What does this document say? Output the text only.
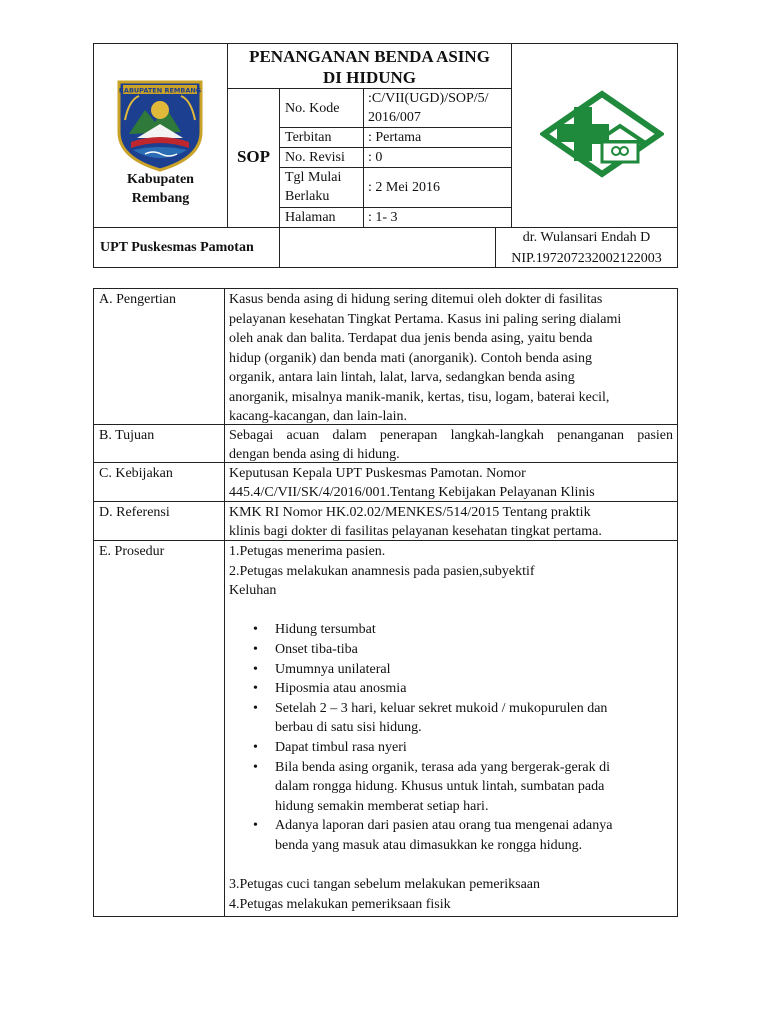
KABUPATEN REMBANG
Kabupaten
Rembang
PENANGANAN BENDA ASING
DI HIDUNG
SOP
No. Kode
:C/VII(UGD)/SOP/5/
2016/007
Terbitan	: Pertama
No. Revisi : 0
Tgl Mulai
Berlaku
: 2 Mei 2016
Halaman : 1- 3
UPT Puskesmas Pamotan
dr. Wulansari Endah D
NIP.197207232002122003
A. Pengertian	Kasus benda asing di hidung sering ditemui oleh dokter di fasilitas

pelayanan kesehatan Tingkat Pertama. Kasus ini paling sering dialami

oleh anak dan balita. Terdapat dua jenis benda asing, yaitu benda

hidup (organik) dan benda mati (anorganik). Contoh benda asing

organik, antara lain lintah, lalat, larva, sedangkan benda asing

anorganik, misalnya manik-manik, kertas, tisu, logam, baterai kecil,

kacang-kacangan, dan lain-lain.

B. Tujuan	Sebagai acuan dalam penerapan langkah-langkah penanganan pasien

dengan benda asing di hidung.

C. Kebijakan	Keputusan Kepala UPT Puskesmas Pamotan. Nomor

445.4/C/VII/SK/4/2016/001.Tentang Kebijakan Pelayanan Klinis

D. Referensi	KMK RI Nomor HK.02.02/MENKES/514/2015 Tentang praktik

klinis bagi dokter di fasilitas pelayanan kesehatan tingkat pertama.

E. Prosedur	1.Petugas menerima pasien.

2.Petugas melakukan anamnesis pada pasien,subyektif

Keluhan

• Hidung tersumbat
• Onset tiba-tiba
• Umumnya unilateral
• Hiposmia atau anosmia
• Setelah 2 – 3 hari, keluar sekret mukoid / mukopurulen dan
berbau di satu sisi hidung.
• Dapat timbul rasa nyeri
• Bila benda asing organik, terasa ada yang bergerak-gerak di
dalam rongga hidung. Khusus untuk lintah, sumbatan pada
hidung semakin memberat setiap hari.
• Adanya laporan dari pasien atau orang tua mengenai adanya
benda yang masuk atau dimasukkan ke rongga hidung.

3.Petugas cuci tangan sebelum melakukan pemeriksaan

4.Petugas melakukan pemeriksaan fisik
